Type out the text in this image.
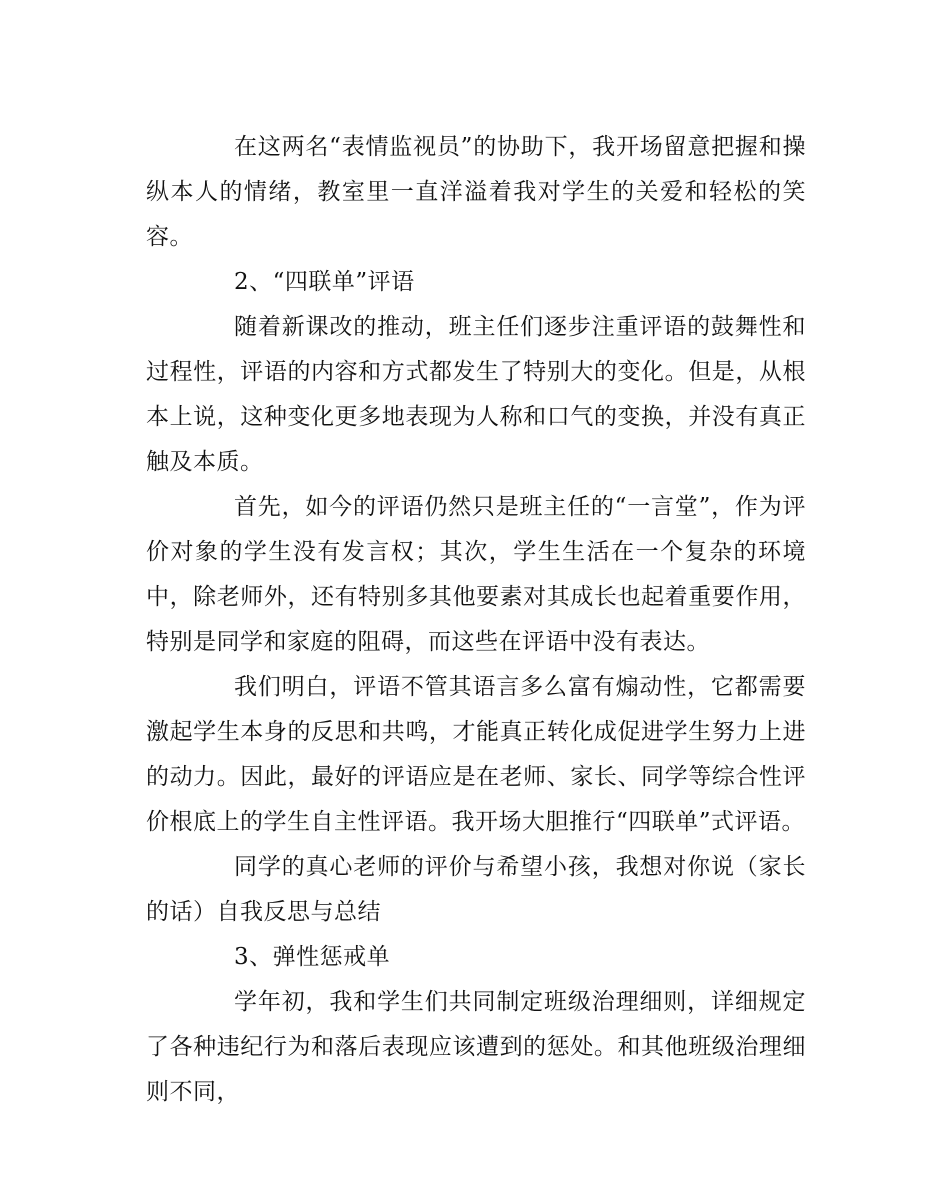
在这两名“表情监视员”的协助下，我开场留意把握和操纵本人的情绪，教室里一直洋溢着我对学生的关爱和轻松的笑容。

2、“四联单”评语

随着新课改的推动，班主任们逐步注重评语的鼓舞性和过程性，评语的内容和方式都发生了特别大的变化。但是，从根本上说，这种变化更多地表现为人称和口气的变换，并没有真正触及本质。

首先，如今的评语仍然只是班主任的“一言堂”，作为评价对象的学生没有发言权；其次，学生生活在一个复杂的环境中，除老师外，还有特别多其他要素对其成长也起着重要作用，特别是同学和家庭的阻碍，而这些在评语中没有表达。

我们明白，评语不管其语言多么富有煽动性，它都需要激起学生本身的反思和共鸣，才能真正转化成促进学生努力上进的动力。因此，最好的评语应是在老师、家长、同学等综合性评价根底上的学生自主性评语。我开场大胆推行“四联单”式评语。

同学的真心老师的评价与希望小孩，我想对你说（家长的话）自我反思与总结

3、弹性惩戒单

学年初，我和学生们共同制定班级治理细则，详细规定了各种违纪行为和落后表现应该遭到的惩处。和其他班级治理细则不同，
